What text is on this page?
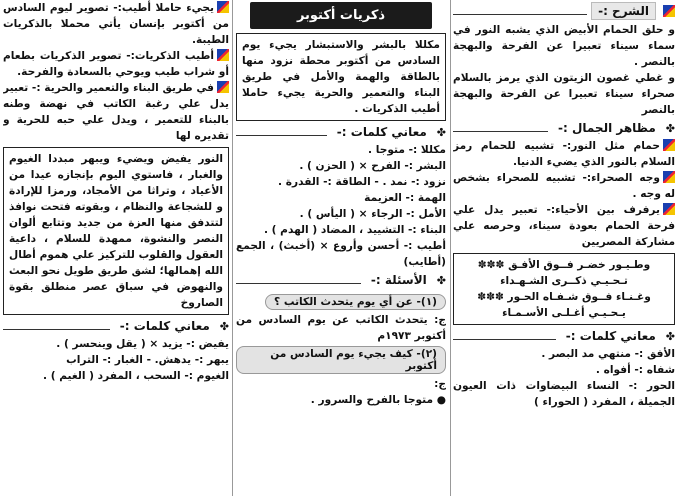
الشرح :-

و حلق الحمام الأبيض الذي يشبه النور في سماء سيناء تعبيرا عن الفرحة والبهجة بالنصر .

و غطي غصون الزيتون الذي يرمز بالسلام صحراء سيناء تعبيرا عن الفرحة والبهجة بالنصر

✤
مظاهر الجمال :-

حمام مثل النور:- تشبيه للحمام رمز السلام بالنور الذي يضيء الدنيا.

وجه الصحراء:- تشبيه للصحراء بشخص له وجه .

يرفرف بين الأحياء:- تعبير يدل علي فرحة الحمام بعودة سيناء، وحرصه علي مشاركة المصريين

وطـيـور خضـر فــوق الأفـق ✽✽✽

تـحـيـي ذكــرى الشـهـداء

وغـنـاء فــوق شـفـاه الحـور ✽✽✽

يـحـيـي أغـلـى الأسـمـاء

✤
معاني كلمات :-

الأفق :- منتهي مد البصر .

شفاه :- أفواه .

الحور :- النساء البيضاوات ذات العيون الجميلة ، المفرد ( الحوراء )

ذكريات أكتوبر

مكللا بالبشر والاستبشار يجيء يوم السادس من أكتوبر محطة نزود منها بالطاقة والهمة والأمل في طريق البناء والتعمير والحرية يجيء حاملا أطيب الذكريات .

✤
معاني كلمات :-

مكللا :- متوجا .

البشر :- الفرح × ( الحزن ) .

نزود :- نمد . - الطاقة :- القدرة .

الهمة :- العزيمة

الأمل :- الرجاء × ( اليأس ) .

البناء :- التشييد ، المضاد ( الهدم ) .

أطيب :- أحسن وأروع × (أخبث) ، الجمع (أطايب)

✤
الأسئلة :-
(١)- عن أي يوم يتحدث الكاتب ؟

ج: يتحدث الكاتب عن يوم السادس من أكتوبر ١٩٧٣م

(٢)- كيف يجيء يوم السادس من أكتوبر

ج:

● متوجا بالفرح والسرور .

يجيء حاملا أطيب:- تصوير ليوم السادس من أكتوبر بإنسان يأتي محملا بالذكريات الطيبة.

أطيب الذكريات:- تصوير الذكريات بطعام أو شراب طيب ويوحي بالسعادة والفرحة.

في طريق البناء والتعمير والحرية :- تعبير يدل علي رغبة الكاتب في نهضة وطنه بالبناء للتعمير ، ويدل علي حبه للحرية و تقديره لها

النور يفيض ويضيء ويبهر مبددا الغيوم والغبار ، فاستوي اليوم بإنجازه عيدا من الأعياد ، وتراثا من الأمجاد، ورمزا للإرادة و للشجاعة والنظام ، وبقوته فتحت نوافذ لتتدفق منها العزة من جديد وتتابع ألوان النصر والنشوة، ممهدة للسلام ، داعية العقول والقلوب للتركيز علي هموم أطال الله إهمالها؛ لشق طريق طويل نحو البعث والنهوض في سباق عصر منطلق بقوة الصاروخ

✤
معاني كلمات :-

يفيض :- يزيد × ( يقل وينحسر ) .

يبهر :- يدهش. - الغبار :- التراب

الغيوم :- السحب ، المفرد ( الغيم ) .
